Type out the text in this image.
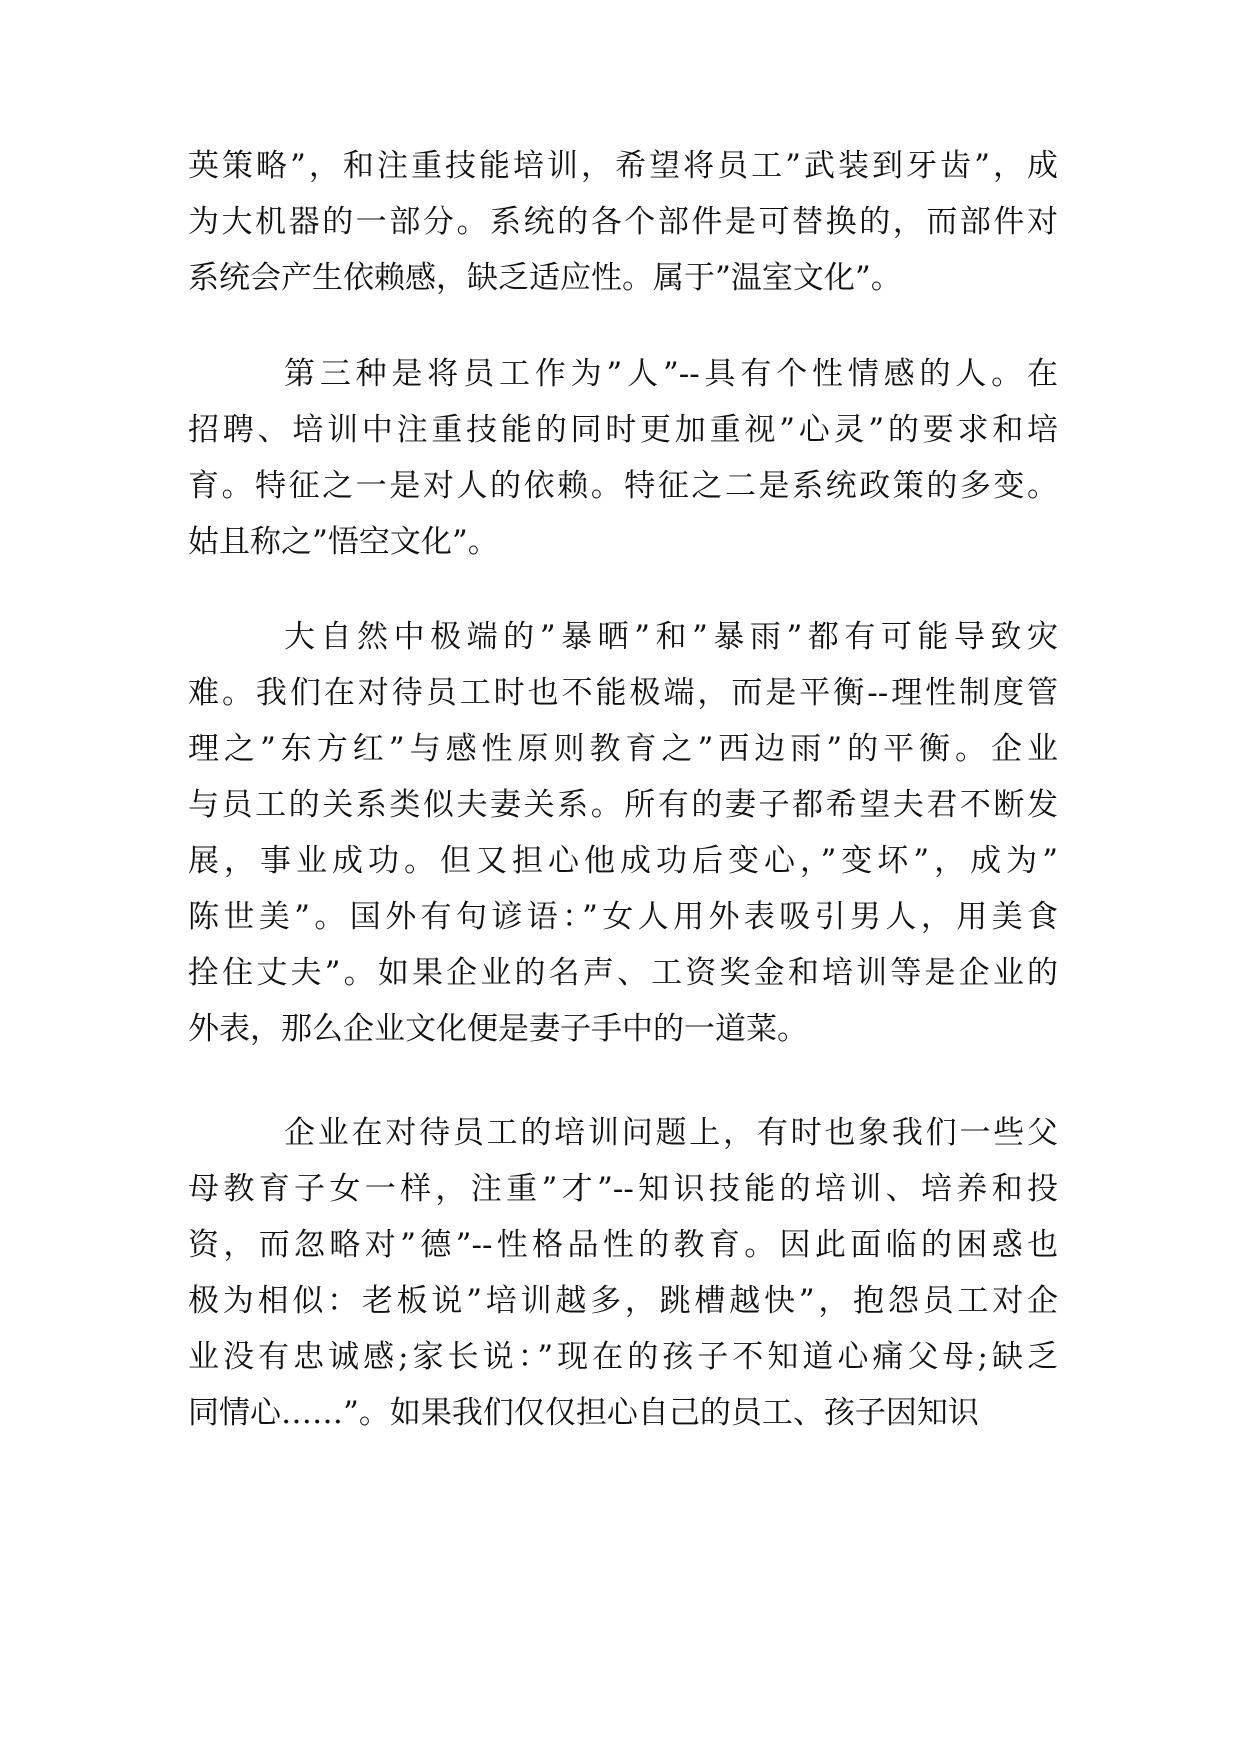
英策略”，和注重技能培训，希望将员工”武装到牙齿”，成
为大机器的一部分。系统的各个部件是可替换的，而部件对
系统会产生依赖感，缺乏适应性。属于”温室文化”。
第三种是将员工作为”人”--具有个性情感的人。在
招聘、培训中注重技能的同时更加重视”心灵”的要求和培
育。特征之一是对人的依赖。特征之二是系统政策的多变。
姑且称之”悟空文化”。
大自然中极端的”暴晒”和”暴雨”都有可能导致灾
难。我们在对待员工时也不能极端，而是平衡--理性制度管
理之”东方红”与感性原则教育之”西边雨”的平衡。企业
与员工的关系类似夫妻关系。所有的妻子都希望夫君不断发
展，事业成功。但又担心他成功后变心，”变坏”，成为”
陈世美”。国外有句谚语：”女人用外表吸引男人，用美食
拴住丈夫”。如果企业的名声、工资奖金和培训等是企业的
外表，那么企业文化便是妻子手中的一道菜。
企业在对待员工的培训问题上，有时也象我们一些父
母教育子女一样，注重”才”--知识技能的培训、培养和投
资，而忽略对”德”--性格品性的教育。因此面临的困惑也
极为相似：老板说”培训越多，跳槽越快”，抱怨员工对企
业没有忠诚感;家长说：”现在的孩子不知道心痛父母;缺乏
同情心……”。如果我们仅仅担心自己的员工、孩子因知识
